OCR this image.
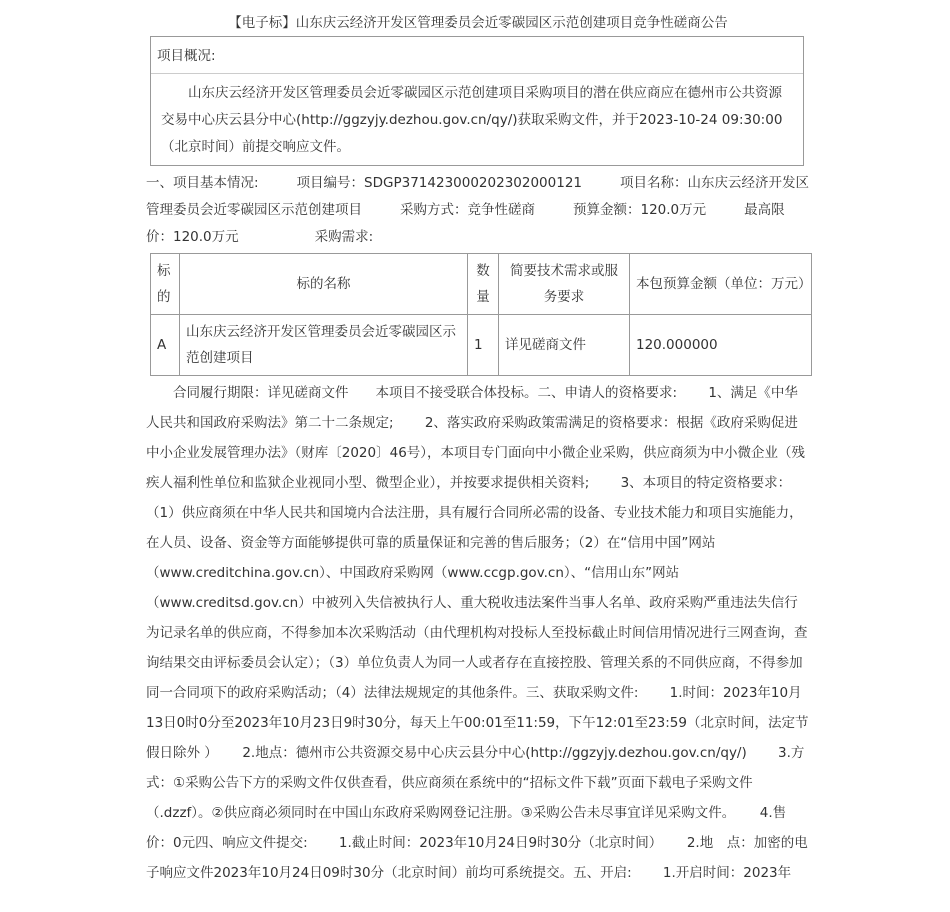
【电子标】山东庆云经济开发区管理委员会近零碳园区示范创建项目竞争性磋商公告
项目概况:
山东庆云经济开发区管理委员会近零碳园区示范创建项目采购项目的潜在供应商应在德州市公共资源交易中心庆云县分中心(http://ggzyjy.dezhou.gov.cn/qy/)获取采购文件，并于2023-10-24 09:30:00（北京时间）前提交响应文件。
一、项目基本情况:	项目编号：SDGP371423000202302000121	项目名称：山东庆云经济开发区管理委员会近零碳园区示范创建项目	采购方式：竞争性磋商	预算金额：120.0万元	最高限价：120.0万元	采购需求:
标的	标的名称	数量	简要技术需求或服务要求	本包预算金额（单位：万元）
A	山东庆云经济开发区管理委员会近零碳园区示范创建项目	1	详见磋商文件	120.000000
合同履行期限：详见磋商文件　　本项目不接受联合体投标。二、申请人的资格要求:　　 1、满足《中华人民共和国政府采购法》第二十二条规定;　　 2、落实政府采购政策需满足的资格要求：根据《政府采购促进中小企业发展管理办法》（财库〔2020〕46号），本项目专门面向中小微企业采购，供应商须为中小微企业（残疾人福利性单位和监狱企业视同小型、微型企业），并按要求提供相关资料;　　 3、本项目的特定资格要求：（1）供应商须在中华人民共和国境内合法注册，具有履行合同所必需的设备、专业技术能力和项目实施能力，在人员、设备、资金等方面能够提供可靠的质量保证和完善的售后服务；（2）在“信用中国”网站（www.creditchina.gov.cn）、中国政府采购网（www.ccgp.gov.cn）、“信用山东”网站（www.creditsd.gov.cn）中被列入失信被执行人、重大税收违法案件当事人名单、政府采购严重违法失信行为记录名单的供应商，不得参加本次采购活动（由代理机构对投标人至投标截止时间信用情况进行三网查询，查询结果交由评标委员会认定）；（3）单位负责人为同一人或者存在直接控股、管理关系的不同供应商，不得参加同一合同项下的政府采购活动；（4）法律法规规定的其他条件。三、获取采购文件:　　 1.时间：2023年10月13日0时0分至2023年10月23日9时30分，每天上午00:01至11:59，下午12:01至23:59（北京时间，法定节假日除外 ）　　 2.地点：德州市公共资源交易中心庆云县分中心(http://ggzyjy.dezhou.gov.cn/qy/)　　 3.方式：①采购公告下方的采购文件仅供查看，供应商须在系统中的“招标文件下载”页面下载电子采购文件（.dzzf）。②供应商必须同时在中国山东政府采购网登记注册。③采购公告未尽事宜详见采购文件。　　 4.售价：0元四、响应文件提交:　　 1.截止时间：2023年10月24日9时30分（北京时间）　　 2.地　点：加密的电子响应文件2023年10月24日09时30分（北京时间）前均可系统提交。五、开启:　　 1.开启时间：2023年
